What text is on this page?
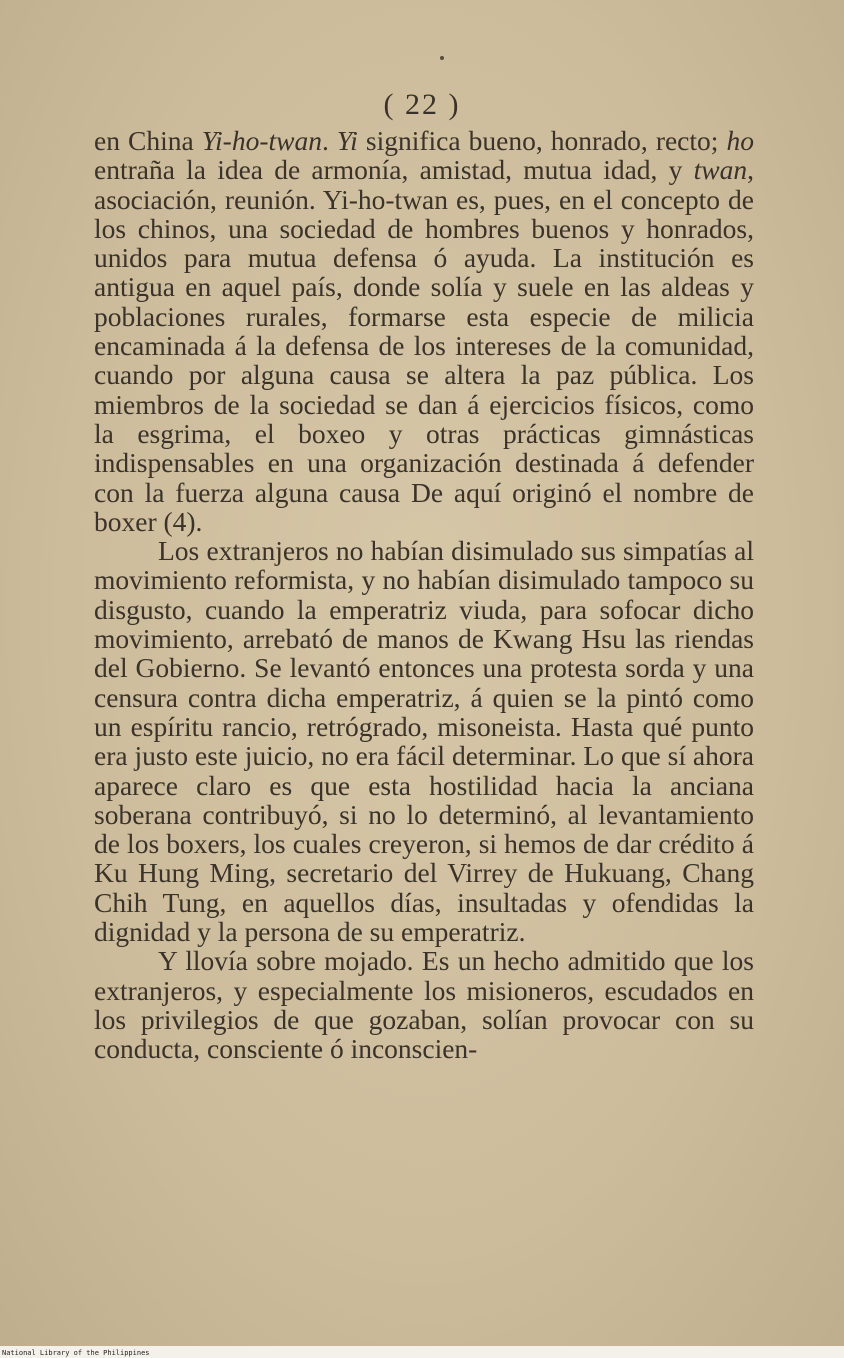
( 22 )

en China Yi-ho-twan. Yi significa bueno, honrado, recto; ho entraña la idea de armonía, amistad, mutua idad, y twan, asociación, reunión. Yi-ho-twan es, pues, en el concepto de los chinos, una sociedad de hombres buenos y honrados, unidos para mutua defensa ó ayuda. La institución es antigua en aquel país, donde solía y suele en las aldeas y poblaciones rurales, formarse esta especie de milicia encaminada á la defensa de los intereses de la comunidad, cuando por alguna causa se altera la paz pública. Los miembros de la sociedad se dan á ejercicios físicos, como la esgrima, el boxeo y otras prácticas gimnásticas indispensables en una organización destinada á defender con la fuerza alguna causa De aquí originó el nombre de boxer (4).

Los extranjeros no habían disimulado sus simpatías al movimiento reformista, y no habían disimulado tampoco su disgusto, cuando la emperatriz viuda, para sofocar dicho movimiento, arrebató de manos de Kwang Hsu las riendas del Gobierno. Se levantó entonces una protesta sorda y una censura contra dicha emperatriz, á quien se la pintó como un espíritu rancio, retrógrado, misoneista. Hasta qué punto era justo este juicio, no era fácil determinar. Lo que sí ahora aparece claro es que esta hostilidad hacia la anciana soberana contribuyó, si no lo determinó, al levantamiento de los boxers, los cuales creyeron, si hemos de dar crédito á Ku Hung Ming, secretario del Virrey de Hukuang, Chang Chih Tung, en aquellos días, insultadas y ofendidas la dignidad y la persona de su emperatriz.

Y llovía sobre mojado. Es un hecho admitido que los extranjeros, y especialmente los misioneros, escudados en los privilegios de que gozaban, solían provocar con su conducta, consciente ó inconscien-

National Library of the Philippines
